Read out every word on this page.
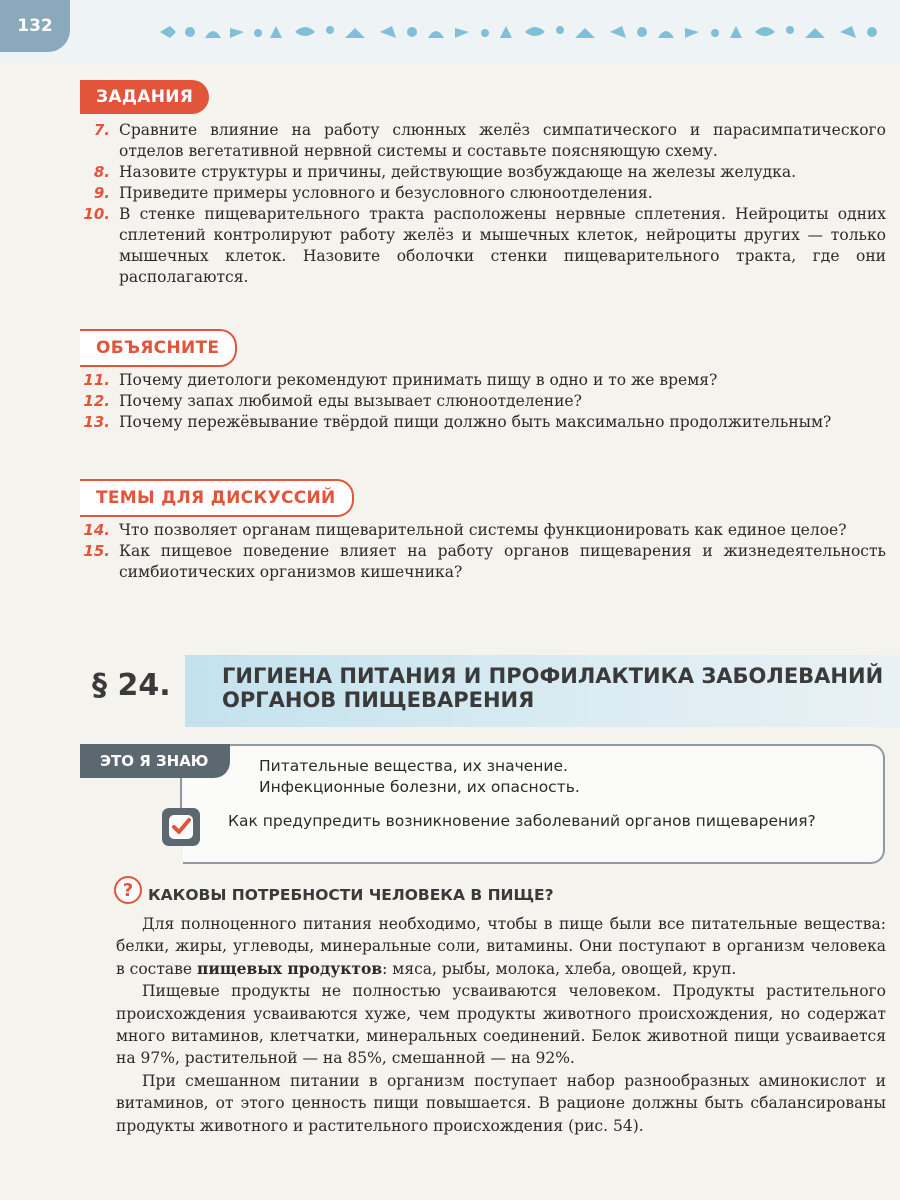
132
ЗАДАНИЯ
7. Сравните влияние на работу слюнных желёз симпатического и парасимпатического отделов вегетативной нервной системы и составьте поясняющую схему.
8. Назовите структуры и причины, действующие возбуждающе на железы желудка.
9. Приведите примеры условного и безусловного слюноотделения.
10. В стенке пищеварительного тракта расположены нервные сплетения. Нейроциты одних сплетений контролируют работу желёз и мышечных клеток, нейроциты других — только мышечных клеток. Назовите оболочки стенки пищеварительного тракта, где они располагаются.
ОБЪЯСНИТЕ
11. Почему диетологи рекомендуют принимать пищу в одно и то же время?
12. Почему запах любимой еды вызывает слюноотделение?
13. Почему пережёвывание твёрдой пищи должно быть максимально продолжительным?
ТЕМЫ ДЛЯ ДИСКУССИЙ
14. Что позволяет органам пищеварительной системы функционировать как единое целое?
15. Как пищевое поведение влияет на работу органов пищеварения и жизнедеятельность симбиотических организмов кишечника?
§ 24. ГИГИЕНА ПИТАНИЯ И ПРОФИЛАКТИКА ЗАБОЛЕВАНИЙ
ОРГАНОВ ПИЩЕВАРЕНИЯ
ЭТО Я ЗНАЮ	Питательные вещества, их значение.
Инфекционные болезни, их опасность.
Как предупредить возникновение заболеваний органов пищеварения?
? КАКОВЫ ПОТРЕБНОСТИ ЧЕЛОВЕКА В ПИЩЕ?

Для полноценного питания необходимо, чтобы в пище были все питательные вещества: белки, жиры, углеводы, минеральные соли, витамины. Они поступают в организм человека в составе пищевых продуктов: мяса, рыбы, молока, хлеба, овощей, круп.

Пищевые продукты не полностью усваиваются человеком. Продукты растительного происхождения усваиваются хуже, чем продукты животного происхождения, но содержат много витаминов, клетчатки, минеральных соединений. Белок животной пищи усваивается на 97%, растительной — на 85%, смешанной — на 92%.

При смешанном питании в организм поступает набор разнообразных аминокислот и витаминов, от этого ценность пищи повышается. В рационе должны быть сбалансированы продукты животного и растительного происхождения (рис. 54).
